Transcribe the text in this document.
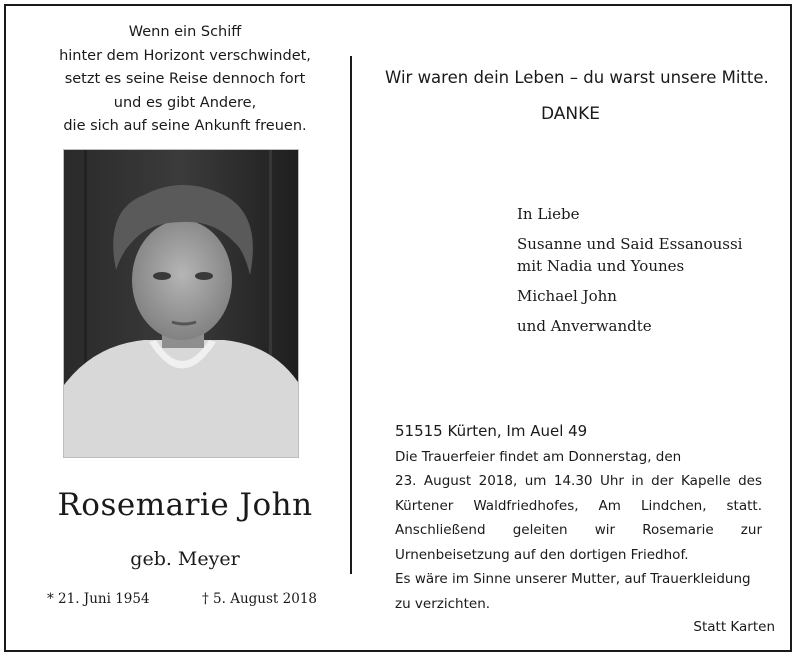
Wenn ein Schiff
hinter dem Horizont verschwindet,
setzt es seine Reise dennoch fort
und es gibt Andere,
die sich auf seine Ankunft freuen.
Rosemarie John
geb. Meyer
* 21. Juni 1954	† 5. August 2018
Wir waren dein Leben – du warst unsere Mitte.
DANKE
In Liebe
Susanne und Said Essanoussi
mit Nadia und Younes
Michael John
und Anverwandte
51515 Kürten, Im Auel 49
Die Trauerfeier findet am Donnerstag, den
23. August 2018, um 14.30 Uhr in der Kapelle des
Kürtener Waldfriedhofes, Am Lindchen, statt.
Anschließend geleiten wir Rosemarie zur
Urnenbeisetzung auf den dortigen Friedhof.
Es wäre im Sinne unserer Mutter, auf Trauerkleidung
zu verzichten.
Statt Karten
